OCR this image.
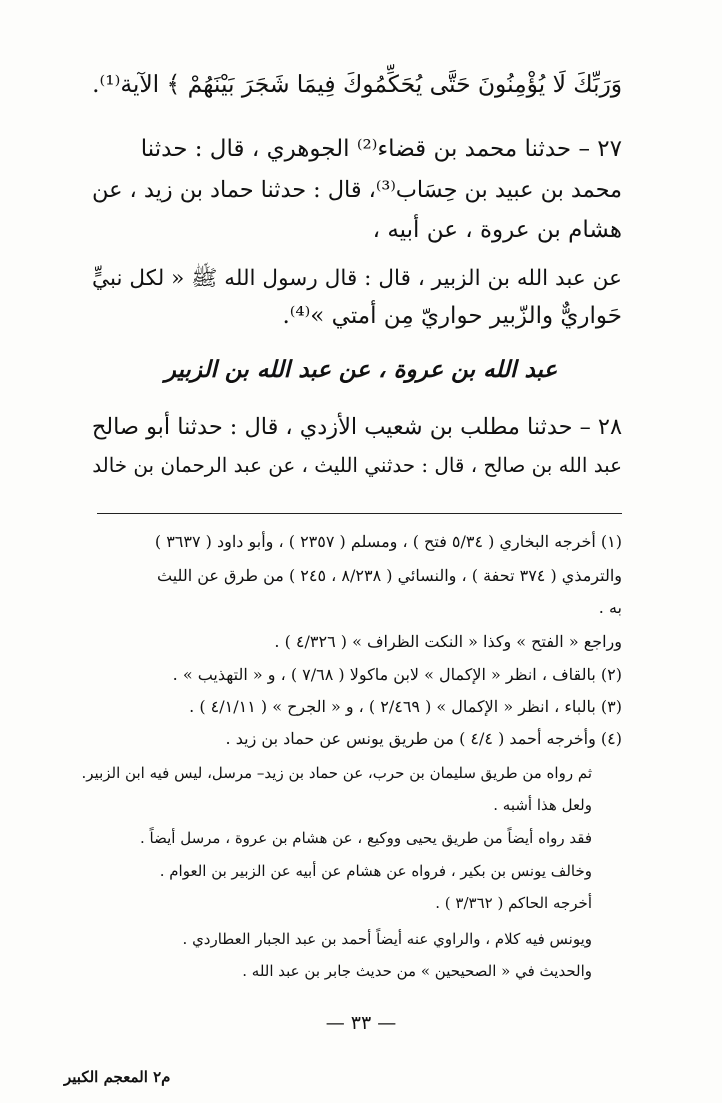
وَرَبِّكَ لَا يُؤْمِنُونَ حَتَّى يُحَكِّمُوكَ فِيمَا شَجَرَ بَيْنَهُمْ ﴾ الآية⁽¹⁾.
٢٧ – حدثنا محمد بن قضاء⁽²⁾ الجوهري ، قال : حدثنا
محمد بن عبيد بن حِسَاب⁽³⁾، قال : حدثنا حماد بن زيد ، عن
هشام بن عروة ، عن أبيه ،
عن عبد الله بن الزبير ، قال : قال رسول الله ﷺ « لكل نبيٍّ
حَواريٌّ والزّبير حواريّ مِن أمتي »⁽⁴⁾.
عبد الله بن عروة ، عن عبد الله بن الزبير
٢٨ – حدثنا مطلب بن شعيب الأزدي ، قال : حدثنا أبو صالح
عبد الله بن صالح ، قال : حدثني الليث ، عن عبد الرحمان بن خالد
(١) أخرجه البخاري ( ٥/٣٤ فتح ) ، ومسلم ( ٢٣٥٧ ) ، وأبو داود ( ٣٦٣٧ )
والترمذي ( ٣٧٤ تحفة ) ، والنسائي ( ٨/٢٣٨ ، ٢٤٥ ) من طرق عن الليث
به .
وراجع « الفتح » وكذا « النكت الظراف » ( ٤/٣٢٦ ) .
(٢) بالقاف ، انظر « الإكمال » لابن ماكولا ( ٧/٦٨ ) ، و « التهذيب » .
(٣) بالباء ، انظر « الإكمال » ( ٢/٤٦٩ ) ، و « الجرح » ( ٤/١/١١ ) .
(٤) وأخرجه أحمد ( ٤/٤ ) من طريق يونس عن حماد بن زيد .
ثم رواه من طريق سليمان بن حرب، عن حماد بن زيد– مرسل، ليس فيه ابن الزبير.
ولعل هذا أشبه .
فقد رواه أيضاً من طريق يحيى ووكيع ، عن هشام بن عروة ، مرسل أيضاً .
وخالف يونس بن بكير ، فرواه عن هشام عن أبيه عن الزبير بن العوام .
أخرجه الحاكم ( ٣/٣٦٢ ) .
ويونس فيه كلام ، والراوي عنه أيضاً أحمد بن عبد الجبار العطاردي .
والحديث في « الصحيحين » من حديث جابر بن عبد الله .
— ٣٣ —
م٢ المعجم الكبير
